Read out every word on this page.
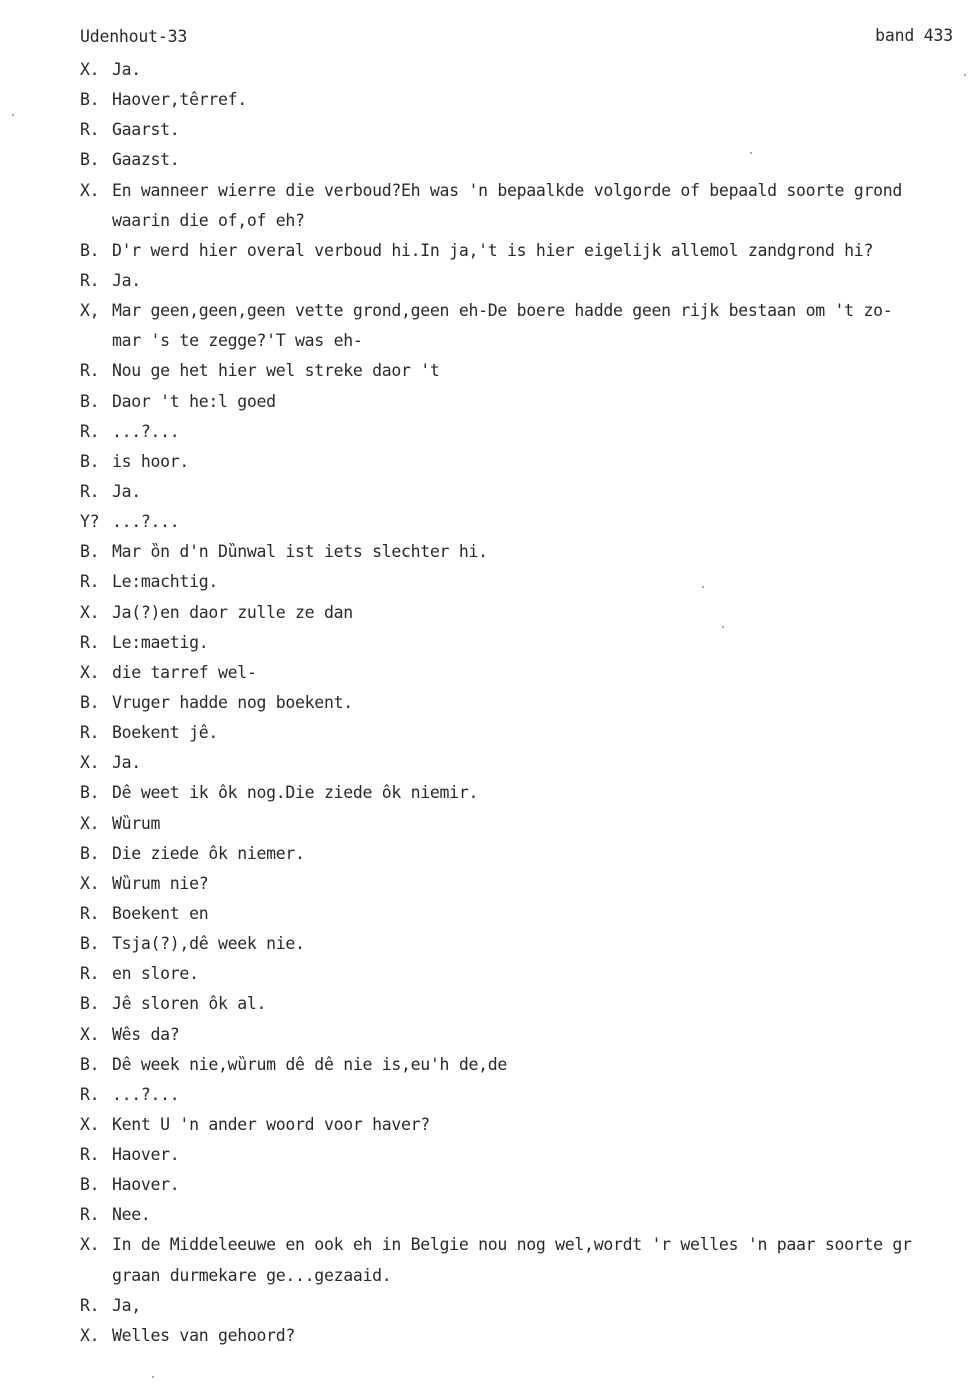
Udenhout-33	band 433
X. Ja.
B. Haover,têrref.
R. Gaarst.
B. Gaazst.
X. En wanneer wierre die verboud?Eh was 'n bepaalkde volgorde of bepaald soorte grond
waarin die of,of eh?
B. D'r werd hier overal verboud hi.In ja,'t is hier eigelijk allemol zandgrond hi?
R. Ja.
X, Mar geen,geen,geen vette grond,geen eh-De boere hadde geen rijk bestaan om 't zo-
mar 's te zegge?'T was eh-
R. Nou ge het hier wel streke daor 't
B. Daor 't he:l goed
R. ...?...
B. is hoor.
R. Ja.
Y? ...?...
B. Mar ȍn d'n Dȕnwal ist iets slechter hi.
R. Le:machtig.
X. Ja(?)en daor zulle ze dan
R. Le:maetig.
X. die tarref wel-
B. Vruger hadde nog boekent.
R. Boekent jê.
X. Ja.
B. Dê weet ik ôk nog.Die ziede ôk niemir.
X. Wȕrum
B. Die ziede ôk niemer.
X. Wȕrum nie?
R. Boekent en
B. Tsja(?),dê week nie.
R. en slore.
B. Jê sloren ôk al.
X. Wês da?
B. Dê week nie,wȕrum dê dê nie is,eu'h de,de
R. ...?...
X. Kent U 'n ander woord voor haver?
R. Haover.
B. Haover.
R. Nee.
X. In de Middeleeuwe en ook eh in Belgie nou nog wel,wordt 'r welles 'n paar soorte gr
graan durmekare ge...gezaaid.
R. Ja,
X. Welles van gehoord?
